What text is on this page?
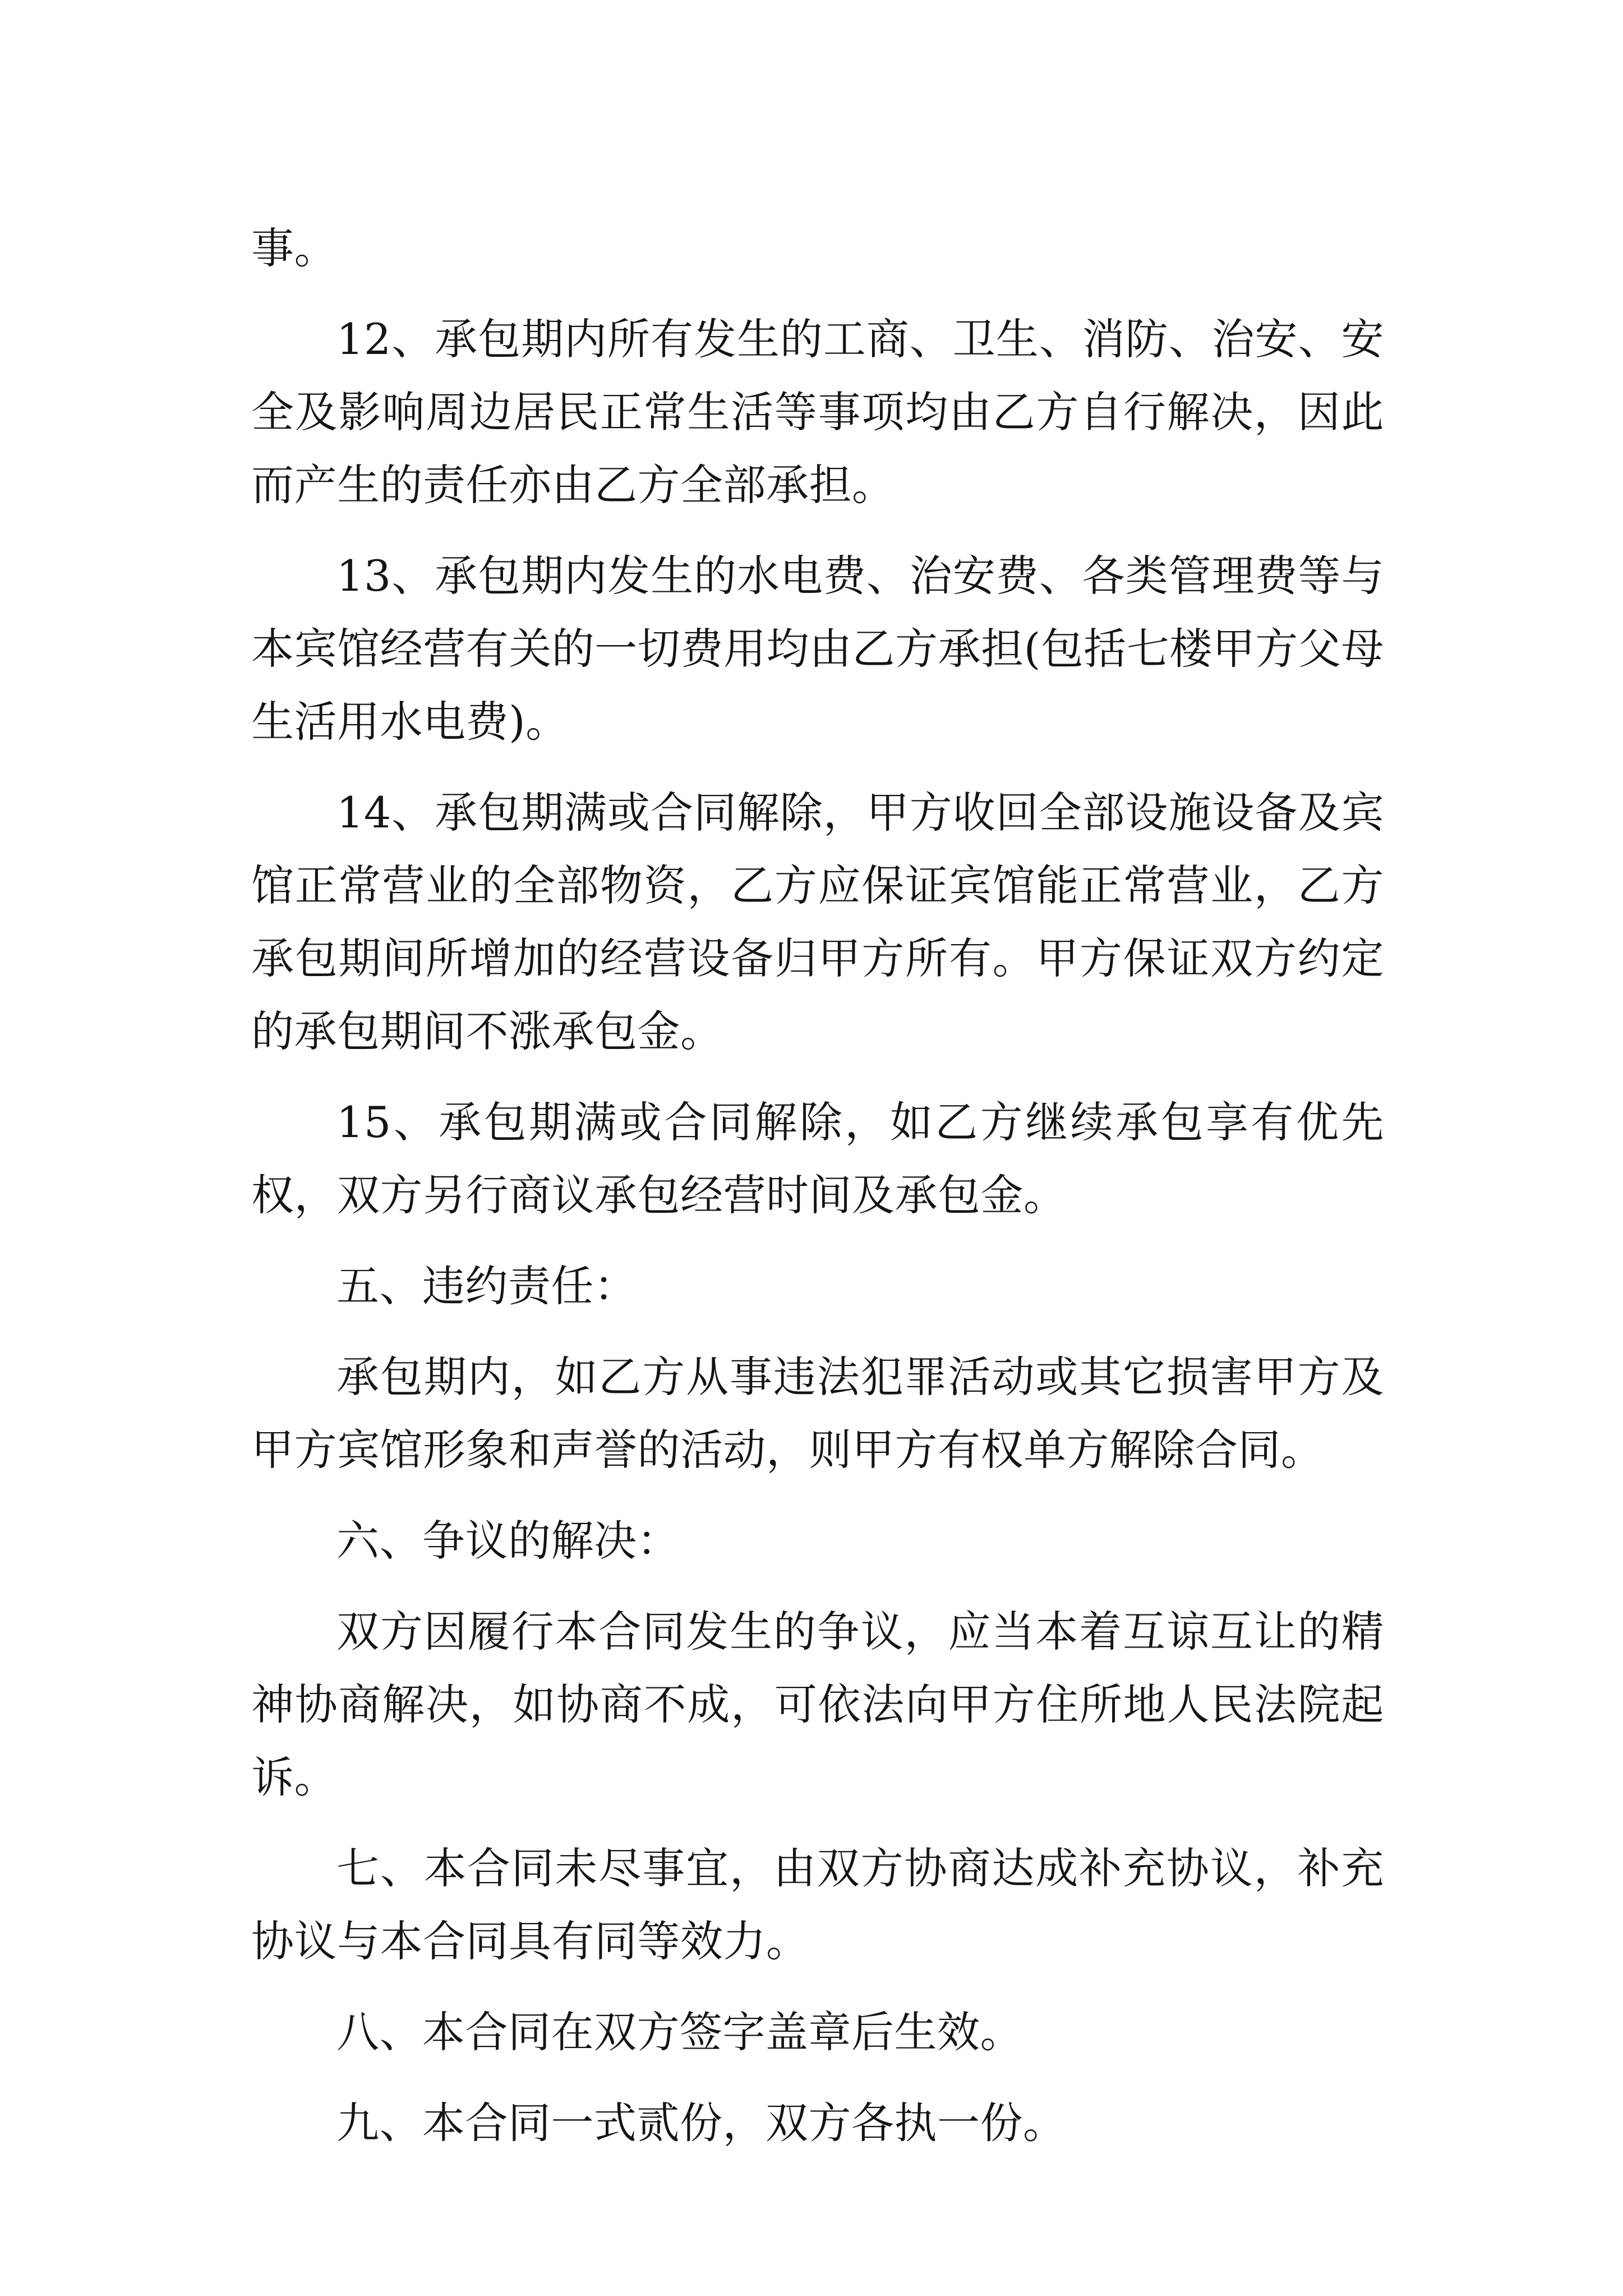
事。

12、承包期内所有发生的工商、卫生、消防、治安、安全及影响周边居民正常生活等事项均由乙方自行解决，因此而产生的责任亦由乙方全部承担。

13、承包期内发生的水电费、治安费、各类管理费等与本宾馆经营有关的一切费用均由乙方承担(包括七楼甲方父母生活用水电费)。

14、承包期满或合同解除，甲方收回全部设施设备及宾馆正常营业的全部物资，乙方应保证宾馆能正常营业，乙方承包期间所增加的经营设备归甲方所有。甲方保证双方约定的承包期间不涨承包金。

15、承包期满或合同解除，如乙方继续承包享有优先权，双方另行商议承包经营时间及承包金。

五、违约责任：

承包期内，如乙方从事违法犯罪活动或其它损害甲方及甲方宾馆形象和声誉的活动，则甲方有权单方解除合同。

六、争议的解决：

双方因履行本合同发生的争议，应当本着互谅互让的精神协商解决，如协商不成，可依法向甲方住所地人民法院起诉。

七、本合同未尽事宜，由双方协商达成补充协议，补充协议与本合同具有同等效力。

八、本合同在双方签字盖章后生效。

九、本合同一式贰份，双方各执一份。
